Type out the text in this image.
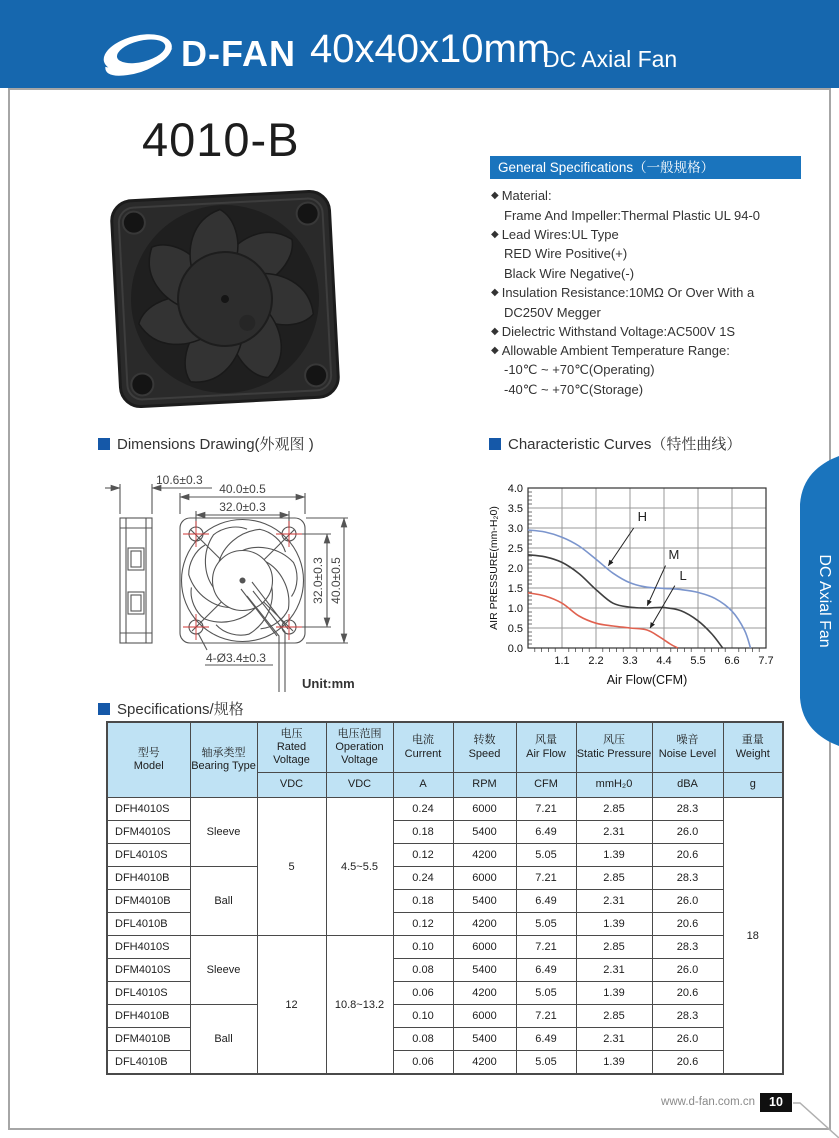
D-FAN 40x40x10mm
DC Axial Fan
4010-B
General Specifications（一般规格）
◆ Material:
Frame And Impeller:Thermal Plastic UL 94-0
◆ Lead Wires:UL Type
RED Wire Positive(+)
Black Wire Negative(-)
◆ Insulation Resistance:10MΩ Or Over With a
DC250V Megger
◆ Dielectric Withstand Voltage:AC500V 1S
◆ Allowable Ambient Temperature Range:
-10℃ ~ +70℃(Operating)
-40℃ ~ +70℃(Storage)
Dimensions Drawing(外观图 )	Characteristic Curves（特性曲线）
Specifications/规格
10.6±0.3
40.0±0.5
32.0±0.3
32.0±0.3 40.0±0.5
4-Ø3.4±0.3
Unit:mm
AIR PRESSURE(mm-H₂0)
Air Flow(CFM)
1.1 2.2 3.3 4.4 5.5 6.6 7.7
0.0
0.5
1.0
1.5
2.0
2.5
3.0
3.5
4.0
H
M
L
型号
Model

轴承类型
Bearing Type

电压
Rated Voltage

电压范围
Operation Voltage

电流
Current

转数
Speed

风量
Air Flow

风压
Static Pressure

噪音
Noise Level

重量
Weight

		VDC	VDC	A	RPM	CFM	mmH₂0	dBA	g
DFH4010S	Sleeve	5	4.5~5.5	0.24	6000	7.21	2.85	28.3	18
DFM4010S				0.18	5400	6.49	2.31	26.0	
DFL4010S				0.12	4200	5.05	1.39	20.6	
DFH4010B	Ball			0.24	6000	7.21	2.85	28.3	
DFM4010B				0.18	5400	6.49	2.31	26.0	
DFL4010B				0.12	4200	5.05	1.39	20.6	
DFH4010S	Sleeve	12	10.8~13.2	0.10	6000	7.21	2.85	28.3	
DFM4010S				0.08	5400	6.49	2.31	26.0	
DFL4010S				0.06	4200	5.05	1.39	20.6	
DFH4010B	Ball			0.10	6000	7.21	2.85	28.3	
DFM4010B				0.08	5400	6.49	2.31	26.0	
DFL4010B				0.06	4200	5.05	1.39	20.6	
DC Axial Fan
www.d-fan.com.cn	10
